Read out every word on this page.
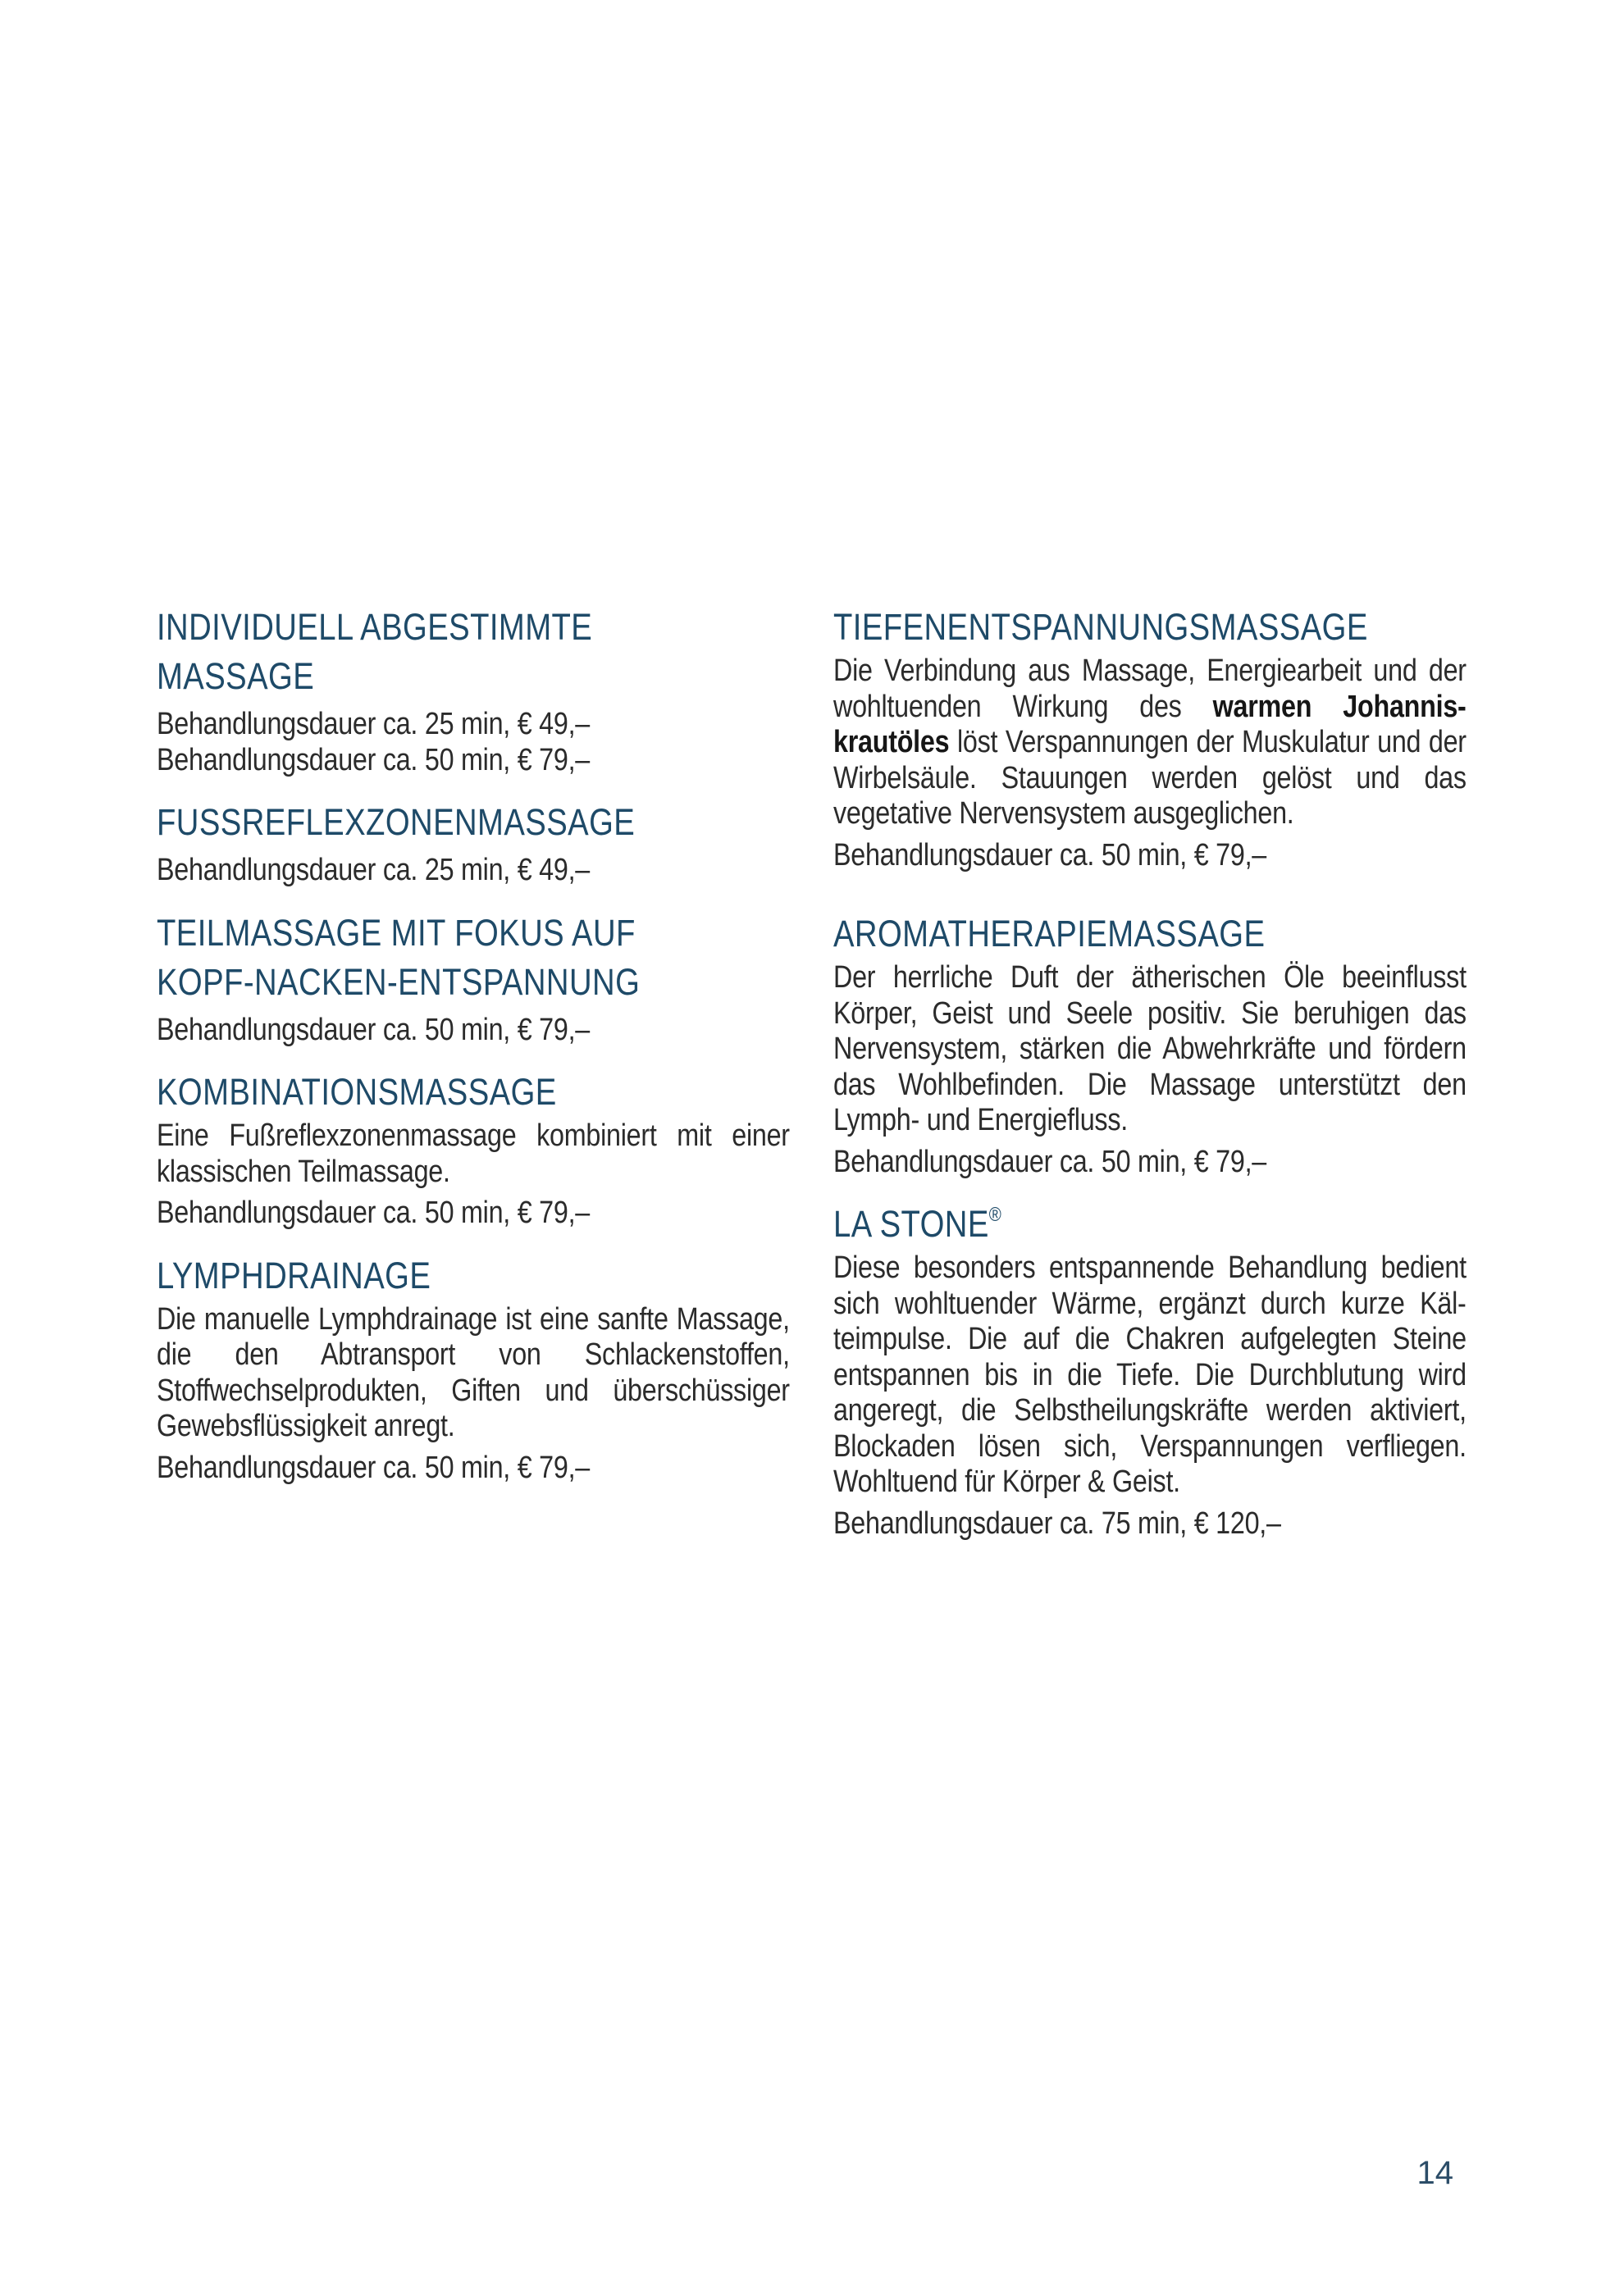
INDIVIDUELL ABGESTIMMTE
MASSAGE

Behandlungsdauer ca. 25 min, € 49,–

Behandlungsdauer ca. 50 min, € 79,–

FUSSREFLEXZONENMASSAGE

Behandlungsdauer ca. 25 min, € 49,–

TEILMASSAGE MIT FOKUS AUF
KOPF-NACKEN-ENTSPANNUNG

Behandlungsdauer ca. 50 min, € 79,–

KOMBINATIONSMASSAGE

Eine Fußreflexzonenmassage kombiniert mit einer klassischen Teilmassage.

Behandlungsdauer ca. 50 min, € 79,–

LYMPHDRAINAGE

Die manuelle Lymphdrainage ist eine sanfte Massage, die den Abtransport von Schlackenstoffen, Stoffwechselprodukten, Giften und überschüssiger Gewebsflüssigkeit anregt.

Behandlungsdauer ca. 50 min, € 79,–

TIEFENENTSPANNUNGSMASSAGE

Die Verbindung aus Massage, Energiearbeit und der wohltuenden Wirkung des warmen Johanniskrautöles löst Verspannungen der Muskulatur und der Wirbelsäule. Stauungen werden gelöst und das vegetative Nervensystem ausgeglichen.

Behandlungsdauer ca. 50 min, € 79,–

AROMATHERAPIEMASSAGE

Der herrliche Duft der ätherischen Öle beeinflusst Körper, Geist und Seele positiv. Sie beruhigen das Nervensystem, stärken die Abwehrkräfte und fördern das Wohlbefinden. Die Massage unterstützt den Lymph- und Energiefluss.

Behandlungsdauer ca. 50 min, € 79,–

LA STONE®

Diese besonders entspannende Behandlung bedient sich wohltuender Wärme, ergänzt durch kurze Kälteimpulse. Die auf die Chakren aufgelegten Steine entspannen bis in die Tiefe. Die Durchblutung wird angeregt, die Selbstheilungskräfte werden aktiviert, Blockaden lösen sich, Verspannungen verfliegen. Wohltuend für Körper & Geist.

Behandlungsdauer ca. 75 min, € 120,–

14
